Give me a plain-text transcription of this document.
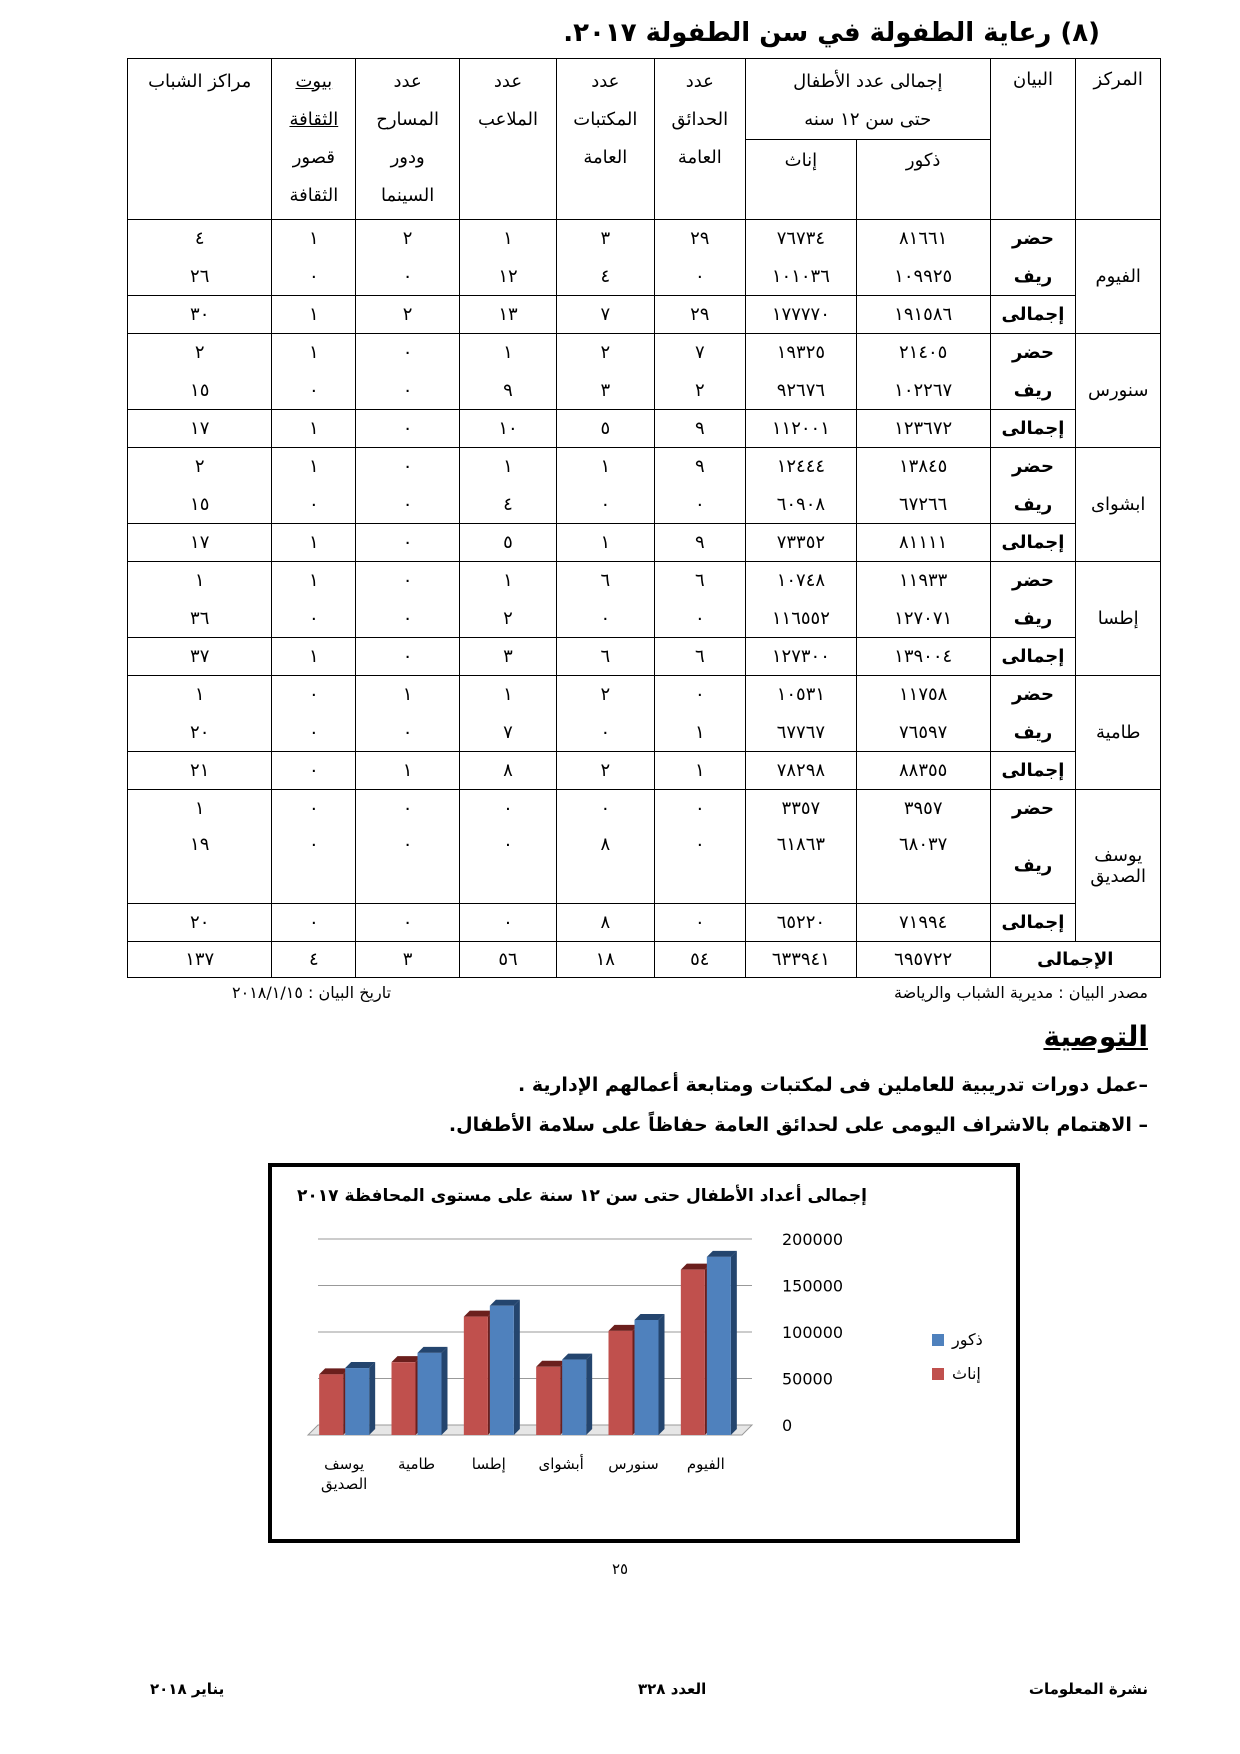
(٨) رعاية الطفولة في سن الطفولة ٢٠١٧.
المركز	البيان	إجمالى عدد الأطفال حتى سن ١٢ سنه		عدد الحدائق العامة	عدد المكتبات العامة	عدد الملاعب	عدد المسارح ودور السينما	بيوت الثقافة
قصور الثقافة	مراكز الشباب
		ذكور	إناث						
الفيوم	حضر	٨١٦٦١	٧٦٧٣٤	٢٩	٣	١	٢	١	٤
	ريف	١٠٩٩٢٥	١٠١٠٣٦	٠	٤	١٢	٠	٠	٢٦
	إجمالى	١٩١٥٨٦	١٧٧٧٧٠	٢٩	٧	١٣	٢	١	٣٠
سنورس	حضر	٢١٤٠٥	١٩٣٢٥	٧	٢	١	٠	١	٢
	ريف	١٠٢٢٦٧	٩٢٦٧٦	٢	٣	٩	٠	٠	١٥
	إجمالى	١٢٣٦٧٢	١١٢٠٠١	٩	٥	١٠	٠	١	١٧
ابشواى	حضر	١٣٨٤٥	١٢٤٤٤	٩	١	١	٠	١	٢
	ريف	٦٧٢٦٦	٦٠٩٠٨	٠	٠	٤	٠	٠	١٥
	إجمالى	٨١١١١	٧٣٣٥٢	٩	١	٥	٠	١	١٧
إطسا	حضر	١١٩٣٣	١٠٧٤٨	٦	٦	١	٠	١	١
	ريف	١٢٧٠٧١	١١٦٥٥٢	٠	٠	٢	٠	٠	٣٦
	إجمالى	١٣٩٠٠٤	١٢٧٣٠٠	٦	٦	٣	٠	١	٣٧
طامية	حضر	١١٧٥٨	١٠٥٣١	٠	٢	١	١	٠	١
	ريف	٧٦٥٩٧	٦٧٧٦٧	١	٠	٧	٠	٠	٢٠
	إجمالى	٨٨٣٥٥	٧٨٢٩٨	١	٢	٨	١	٠	٢١
يوسف الصديق	حضر	٣٩٥٧	٣٣٥٧	٠	٠	٠	٠	٠	١
	ريف	٦٨٠٣٧	٦١٨٦٣	٠	٨	٠	٠	٠	١٩
	إجمالى	٧١٩٩٤	٦٥٢٢٠	٠	٨	٠	٠	٠	٢٠
الإجمالى		٦٩٥٧٢٢	٦٣٣٩٤١	٥٤	١٨	٥٦	٣	٤	١٣٧
مصدر البيان : مديرية الشباب والرياضة
تاريخ البيان : ٢٠١٨/١/١٥
التوصية
–عمل دورات تدريبية للعاملين فى لمكتبات ومتابعة أعمالهم الإدارية .
– الاهتمام بالاشراف اليومى على لحدائق العامة حفاظاً على سلامة الأطفال.
إجمالى أعداد الأطفال حتى سن ١٢ سنة على مستوى المحافظة ٢٠١٧
200000
150000
100000
50000
0
الفيوم
سنورس
أبشواى
إطسا
طامية
يوسف
الصديق
ذكور
إناث
٢٥
نشرة المعلومات
العدد ٣٢٨
يناير ٢٠١٨
